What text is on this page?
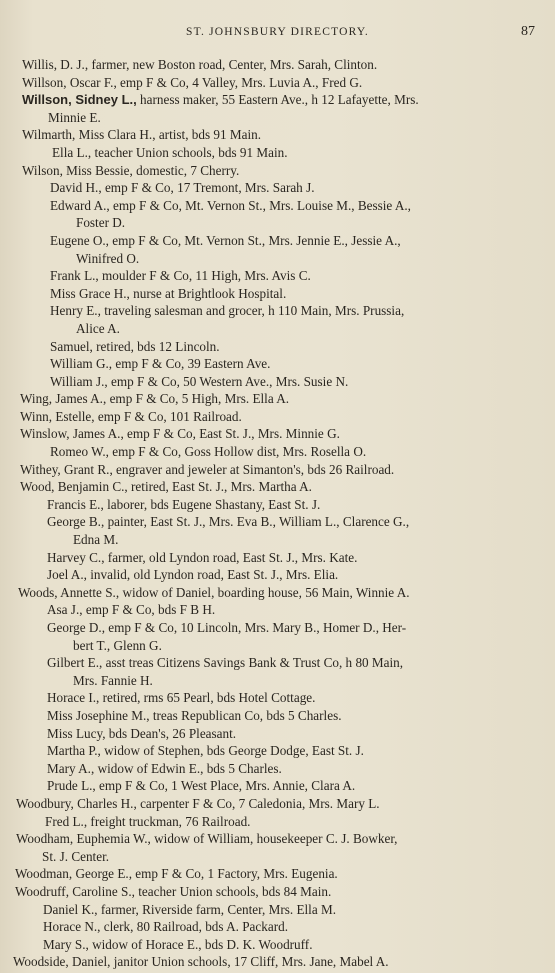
ST. JOHNSBURY DIRECTORY.	87
Willis, D. J., farmer, new Boston road, Center, Mrs. Sarah, Clinton.
Willson, Oscar F., emp F & Co, 4 Valley, Mrs. Luvia A., Fred G.
Willson, Sidney L., harness maker, 55 Eastern Ave., h 12 Lafayette, Mrs.
Minnie E.
Wilmarth, Miss Clara H., artist, bds 91 Main.
Ella L., teacher Union schools, bds 91 Main.
Wilson, Miss Bessie, domestic, 7 Cherry.
David H., emp F & Co, 17 Tremont, Mrs. Sarah J.
Edward A., emp F & Co, Mt. Vernon St., Mrs. Louise M., Bessie A.,
Foster D.
Eugene O., emp F & Co, Mt. Vernon St., Mrs. Jennie E., Jessie A.,
Winifred O.
Frank L., moulder F & Co, 11 High, Mrs. Avis C.
Miss Grace H., nurse at Brightlook Hospital.
Henry E., traveling salesman and grocer, h 110 Main, Mrs. Prussia,
Alice A.
Samuel, retired, bds 12 Lincoln.
William G., emp F & Co, 39 Eastern Ave.
William J., emp F & Co, 50 Western Ave., Mrs. Susie N.
Wing, James A., emp F & Co, 5 High, Mrs. Ella A.
Winn, Estelle, emp F & Co, 101 Railroad.
Winslow, James A., emp F & Co, East St. J., Mrs. Minnie G.
Romeo W., emp F & Co, Goss Hollow dist, Mrs. Rosella O.
Withey, Grant R., engraver and jeweler at Simanton's, bds 26 Railroad.
Wood, Benjamin C., retired, East St. J., Mrs. Martha A.
Francis E., laborer, bds Eugene Shastany, East St. J.
George B., painter, East St. J., Mrs. Eva B., William L., Clarence G.,
Edna M.
Harvey C., farmer, old Lyndon road, East St. J., Mrs. Kate.
Joel A., invalid, old Lyndon road, East St. J., Mrs. Elia.
Woods, Annette S., widow of Daniel, boarding house, 56 Main, Winnie A.
Asa J., emp F & Co, bds F B H.
George D., emp F & Co, 10 Lincoln, Mrs. Mary B., Homer D., Her-
bert T., Glenn G.
Gilbert E., asst treas Citizens Savings Bank & Trust Co, h 80 Main,
Mrs. Fannie H.
Horace I., retired, rms 65 Pearl, bds Hotel Cottage.
Miss Josephine M., treas Republican Co, bds 5 Charles.
Miss Lucy, bds Dean's, 26 Pleasant.
Martha P., widow of Stephen, bds George Dodge, East St. J.
Mary A., widow of Edwin E., bds 5 Charles.
Prude L., emp F & Co, 1 West Place, Mrs. Annie, Clara A.
Woodbury, Charles H., carpenter F & Co, 7 Caledonia, Mrs. Mary L.
Fred L., freight truckman, 76 Railroad.
Woodham, Euphemia W., widow of William, housekeeper C. J. Bowker,
St. J. Center.
Woodman, George E., emp F & Co, 1 Factory, Mrs. Eugenia.
Woodruff, Caroline S., teacher Union schools, bds 84 Main.
Daniel K., farmer, Riverside farm, Center, Mrs. Ella M.
Horace N., clerk, 80 Railroad, bds A. Packard.
Mary S., widow of Horace E., bds D. K. Woodruff.
Woodside, Daniel, janitor Union schools, 17 Cliff, Mrs. Jane, Mabel A.
